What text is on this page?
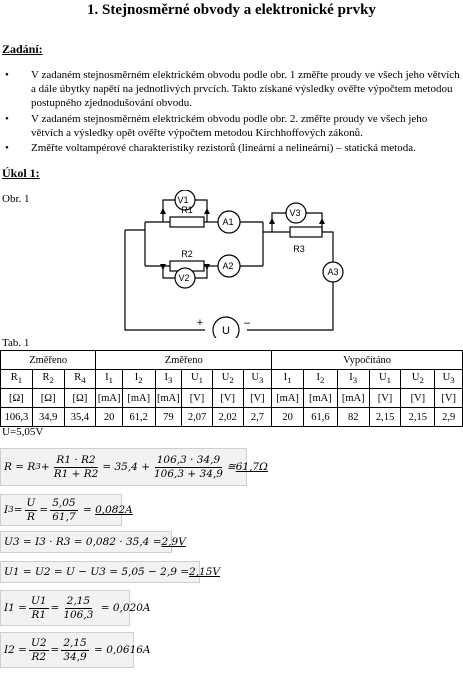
1. Stejnosměrné obvody a elektronické prvky
Zadání:
•	V zadaném stejnosměrném elektrickém obvodu podle obr. 1 změřte proudy ve všech jeho větvích a dále úbytky napětí na jednotlivých prvcích. Takto získané výsledky ověřte výpočtem metodou postupného zjednodušování obvodu.
•	V zadaném stejnosměrném elektrickém obvodu podle obr. 2. změřte proudy ve všech jeho větvích a výsledky opět ověřte výpočtem metodou Kirchhoffových zákonů.
•	Změřte voltampérové charakteristiky rezistorů (lineární a nelineární) – statická metoda.
Úkol 1:
Obr. 1	V1
A1
R1
R2
A2
V2
V3
R3
A3
U
+	–
Tab. 1
Změřeno			Změřeno						Vypočítáno					
$R_1$	$R_2$	$R_4$	$I_1$	$I_2$	$I_3$	$U_1$	$U_2$	$U_3$	$I_1$	$I_2$	$I_3$	$U_1$	$U_2$	$U_3$
[Ω]	[Ω]	[Ω]	[mA]	[mA]	[mA]	[V]	[V]	[V]	[mA]	[mA]	[mA]	[V]	[V]	[V]
106,3	34,9	35,4	20	61,2	79	2,07	2,02	2,7	20	61,6	82	2,15	2,15	2,9
U=5,05V
R = R $3 + \frac{R1 \cdot R2}{R1 + R2} = 35,4 + \frac{106,3 \cdot 34,9}{106,3 + 34,9}$ ≅ 61,7Ω
I $3 = \frac{U}{R} = \frac{5,05}{61,7} = 0,082A$
U3 = I3 · R3 = 0,082 · 35,4 = 2,9V
U1 = U2 = U − U3 = 5,05 − 2,9 = 2,15V
$I1 = \frac{U1}{R1} = \frac{2,15}{106,3} = 0,020A$
$I2 = \frac{U2}{R2} = \frac{2,15}{34,9} = 0,0616A$
